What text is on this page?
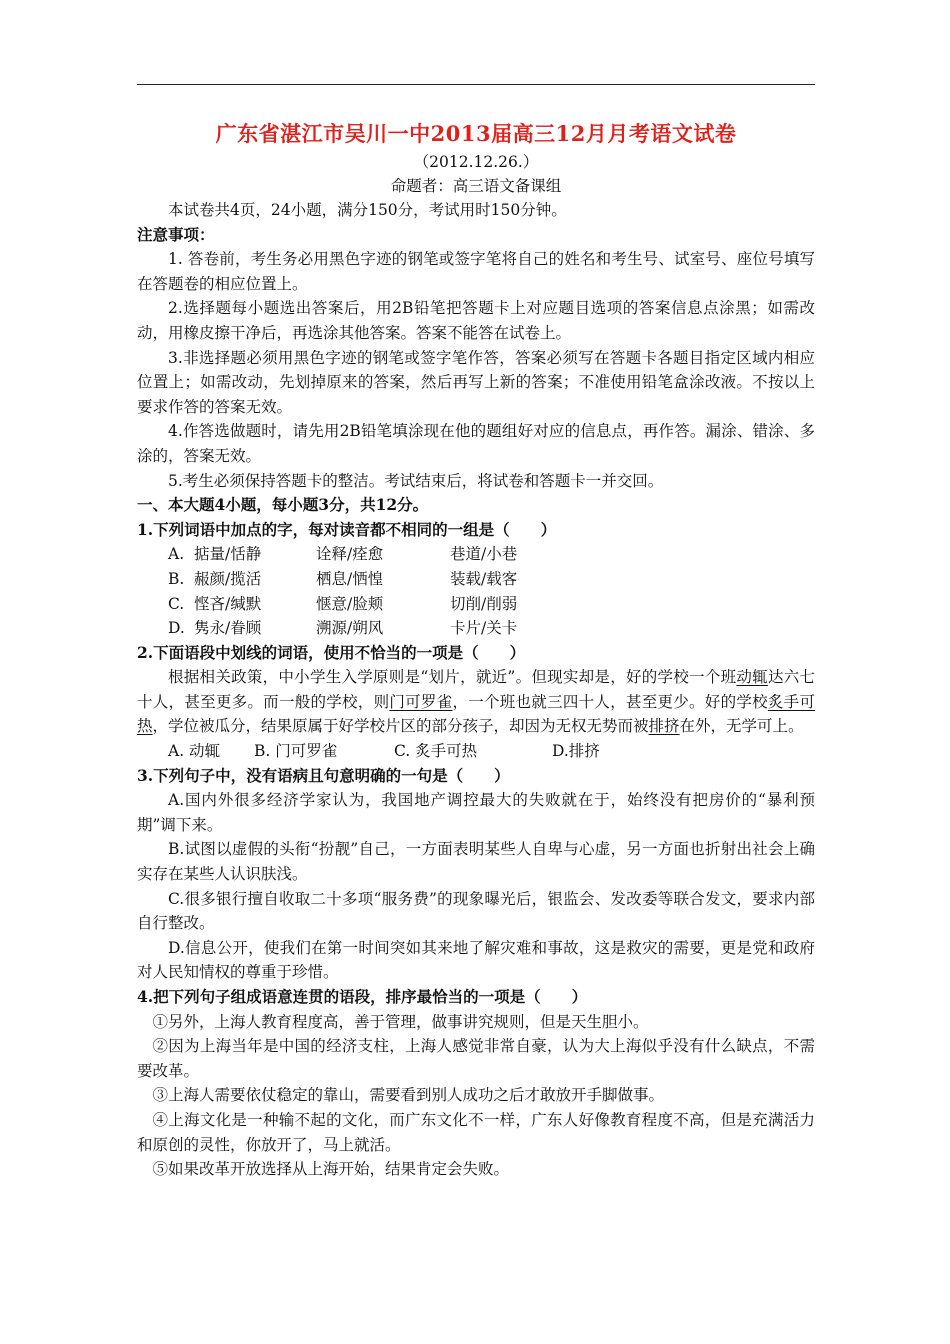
广东省湛江市吴川一中2013届高三12月月考语文试卷

（2012.12.26.）

命题者：高三语文备课组

本试卷共4页，24小题，满分150分，考试用时150分钟。

注意事项：

1. 答卷前，考生务必用黑色字迹的钢笔或签字笔将自己的姓名和考生号、试室号、座位号填写在答题卷的相应位置上。

2.选择题每小题选出答案后，用2B铅笔把答题卡上对应题目选项的答案信息点涂黑；如需改动，用橡皮擦干净后，再选涂其他答案。答案不能答在试卷上。

3.非选择题必须用黑色字迹的钢笔或签字笔作答，答案必须写在答题卡各题目指定区域内相应位置上；如需改动，先划掉原来的答案，然后再写上新的答案；不准使用铅笔盒涂改液。不按以上要求作答的答案无效。

4.作答选做题时，请先用2B铅笔填涂现在他的题组好对应的信息点，再作答。漏涂、错涂、多涂的，答案无效。

5.考生必须保持答题卡的整洁。考试结束后，将试卷和答题卡一并交回。

一、本大题4小题，每小题3分，共12分。

1.下列词语中加点的字，每对读音都不相同的一组是（　　）

A. 掂量/恬静	诠释/痊愈	巷道/小巷
B. 赧颜/揽活	栖息/恓惶	装载/载客
C. 悭吝/缄默	惬意/脸颊	切削/削弱
D. 隽永/眷顾	溯源/朔风	卡片/关卡

2.下面语段中划线的词语，使用不恰当的一项是（　　）

根据相关政策，中小学生入学原则是“划片，就近”。但现实却是，好的学校一个班动辄达六七十人，甚至更多。而一般的学校，则门可罗雀，一个班也就三四十人，甚至更少。好的学校炙手可热，学位被瓜分，结果原属于好学校片区的部分孩子，却因为无权无势而被排挤在外，无学可上。

A. 动辄	B. 门可罗雀	C. 炙手可热	D.排挤

3.下列句子中，没有语病且句意明确的一句是（　　）

A.国内外很多经济学家认为，我国地产调控最大的失败就在于，始终没有把房价的“暴利预期”调下来。

B.试图以虚假的头衔“扮靓”自己，一方面表明某些人自卑与心虚，另一方面也折射出社会上确实存在某些人认识肤浅。

C.很多银行擅自收取二十多项“服务费”的现象曝光后，银监会、发改委等联合发文，要求内部自行整改。

D.信息公开，使我们在第一时间突如其来地了解灾难和事故，这是救灾的需要，更是党和政府对人民知情权的尊重于珍惜。

4.把下列句子组成语意连贯的语段，排序最恰当的一项是（　　）

①另外，上海人教育程度高，善于管理，做事讲究规则，但是天生胆小。

②因为上海当年是中国的经济支柱，上海人感觉非常自豪，认为大上海似乎没有什么缺点，不需要改革。

③上海人需要依仗稳定的靠山，需要看到别人成功之后才敢放开手脚做事。

④上海文化是一种输不起的文化，而广东文化不一样，广东人好像教育程度不高，但是充满活力和原创的灵性，你放开了，马上就活。

⑤如果改革开放选择从上海开始，结果肯定会失败。
